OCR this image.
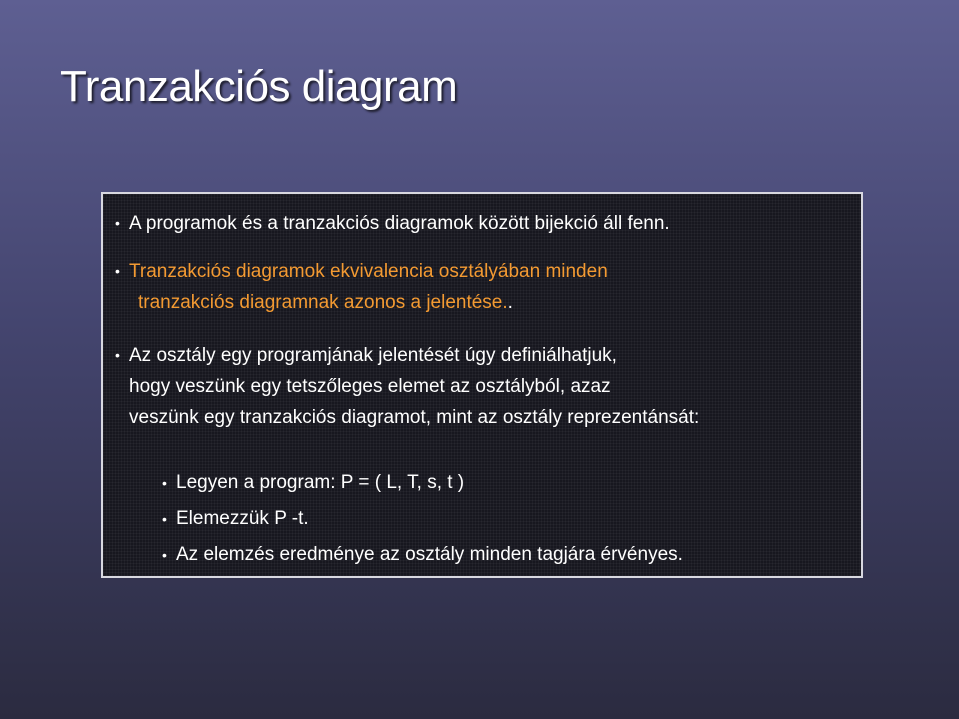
Tranzakciós diagram
• A programok és a tranzakciós diagramok között bijekció áll fenn.
• Tranzakciós diagramok ekvivalencia osztályában minden
tranzakciós diagramnak azonos a jelentése..
• Az osztály egy programjának jelentését úgy definiálhatjuk,
hogy veszünk egy tetszőleges elemet az osztályból, azaz
veszünk egy tranzakciós diagramot, mint az osztály reprezentánsát:
• Legyen a program: P = ( L, T, s, t )
• Elemezzük P -t.
• Az elemzés eredménye az osztály minden tagjára érvényes.
